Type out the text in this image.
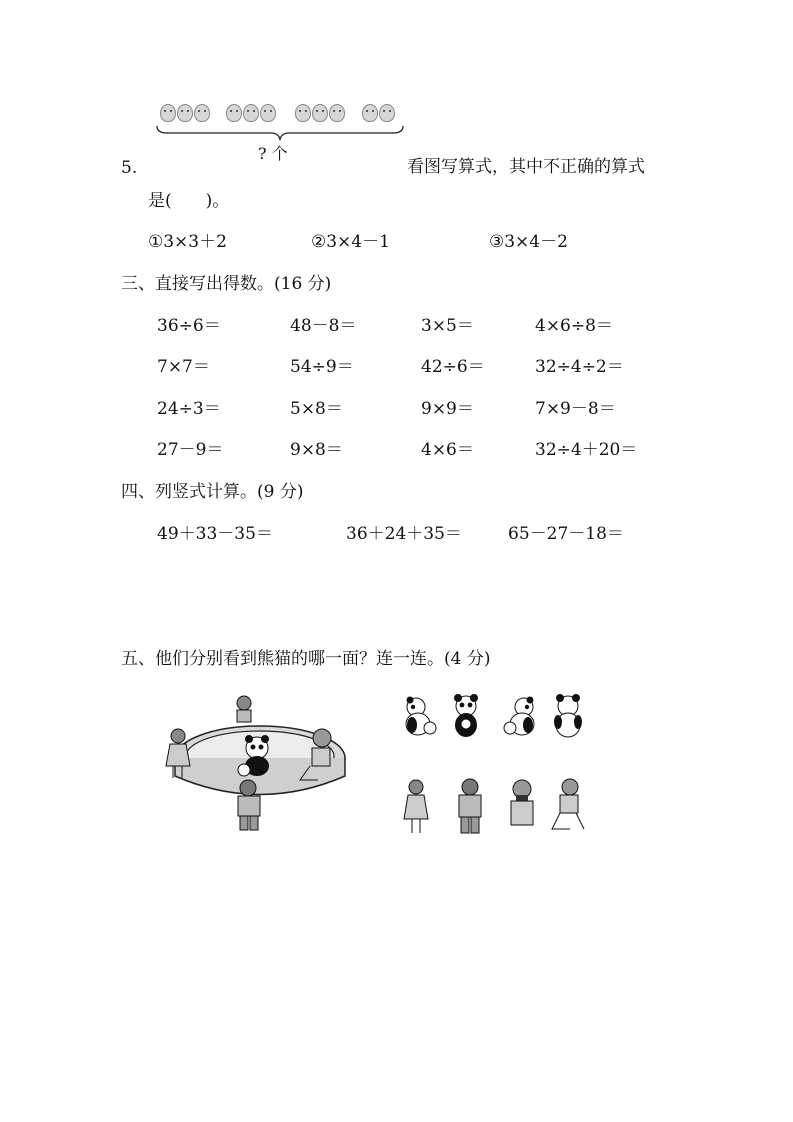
? 个
5.	看图写算式，其中不正确的算式
是(　　)。
①3×3＋2	②3×4－1	③3×4－2
三、直接写出得数。(16 分)
36÷6＝	48－8＝	3×5＝	4×6÷8＝
7×7＝	54÷9＝	42÷6＝	32÷4÷2＝
24÷3＝	5×8＝	9×9＝	7×9－8＝
27－9＝	9×8＝	4×6＝	32÷4＋20＝
四、列竖式计算。(9 分)
49＋33－35＝	36＋24＋35＝	65－27－18＝
五、他们分别看到熊猫的哪一面？连一连。(4 分)
